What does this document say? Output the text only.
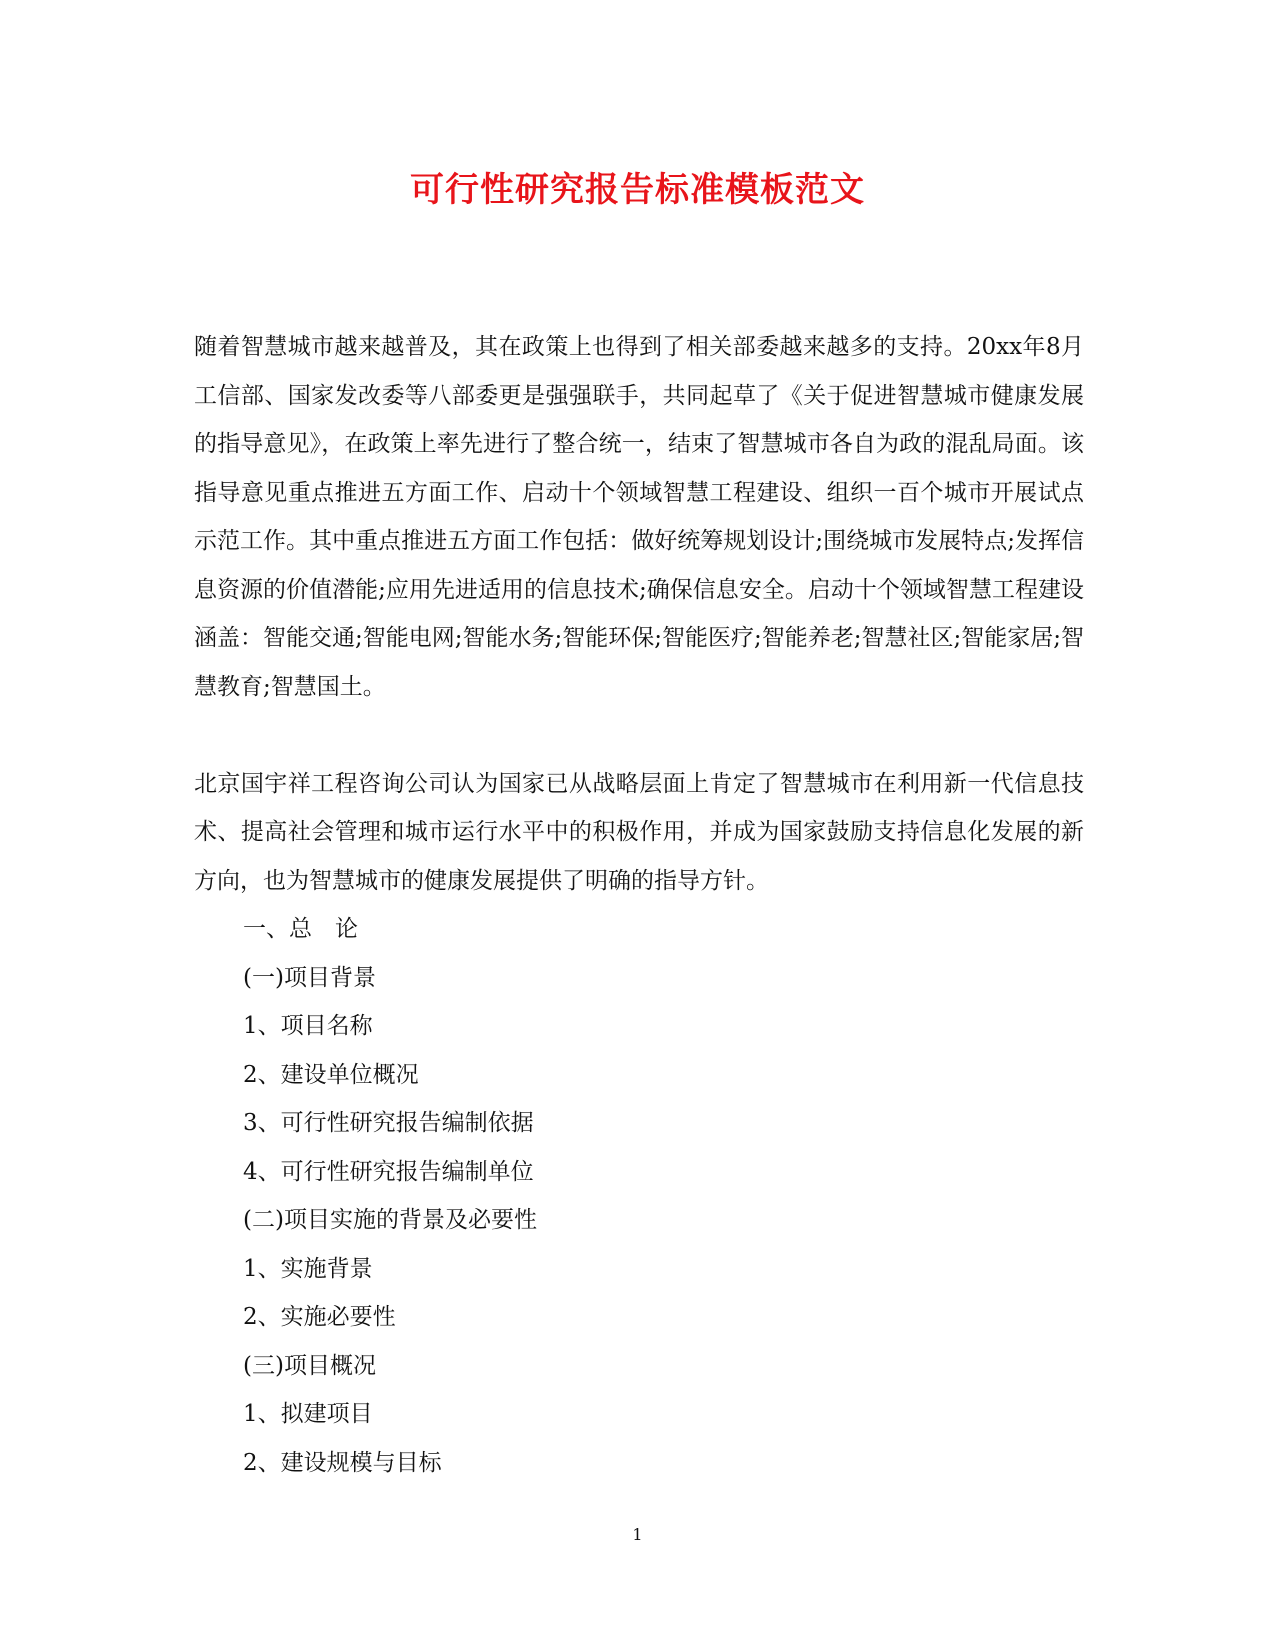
可行性研究报告标准模板范文

随着智慧城市越来越普及，其在政策上也得到了相关部委越来越多的支持。20xx年8月工信部、国家发改委等八部委更是强强联手，共同起草了《关于促进智慧城市健康发展的指导意见》，在政策上率先进行了整合统一，结束了智慧城市各自为政的混乱局面。该指导意见重点推进五方面工作、启动十个领域智慧工程建设、组织一百个城市开展试点示范工作。其中重点推进五方面工作包括：做好统筹规划设计;围绕城市发展特点;发挥信息资源的价值潜能;应用先进适用的信息技术;确保信息安全。启动十个领域智慧工程建设涵盖：智能交通;智能电网;智能水务;智能环保;智能医疗;智能养老;智慧社区;智能家居;智慧教育;智慧国土。

北京国宇祥工程咨询公司认为国家已从战略层面上肯定了智慧城市在利用新一代信息技术、提高社会管理和城市运行水平中的积极作用，并成为国家鼓励支持信息化发展的新方向，也为智慧城市的健康发展提供了明确的指导方针。

一、总　论
(一)项目背景
1、项目名称
2、建设单位概况
3、可行性研究报告编制依据
4、可行性研究报告编制单位
(二)项目实施的背景及必要性
1、实施背景
2、实施必要性
(三)项目概况
1、拟建项目
2、建设规模与目标
1
